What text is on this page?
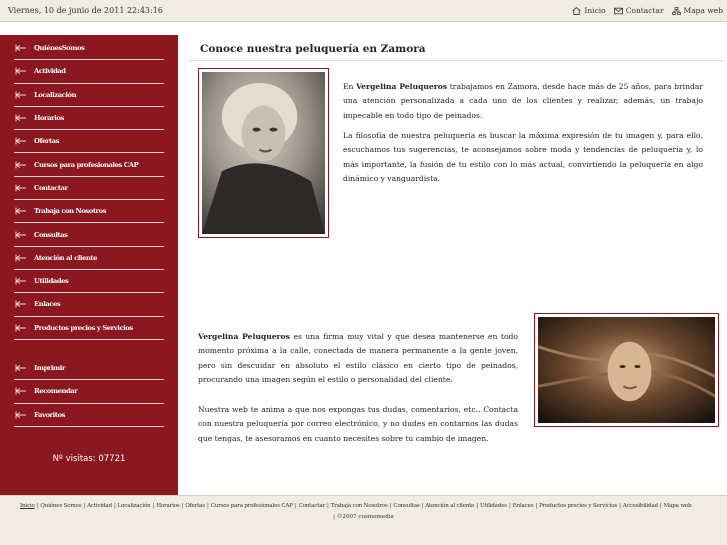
Viernes, 10 de junio de 2011 22:43:16	Inicio	Contactar	Mapa web
QuiénesSomos
Actividad
Localización
Horarios
Ofertas
Cursos para profesionales CAP
Contactar
Trabaja con Nosotros
Consultas
Atención al cliente
Utilidades
Enlaces
Productos precios y Servicios
Imprimir
Recomendar
Favoritos
Nº visitas: 07721
Conoce nuestra peluquería en Zamora
En Vergelina Peluqueros trabajamos en Zamora, desde hace más de 25 años, para brindar una atención personalizada a cada uno de los clientes y realizar, además, un trabajo impecable en todo tipo de peinados.
La filosofía de nuestra peluquería es buscar la máxima expresión de tu imagen y, para ello, escuchamos tus sugerencias, te aconsejamos sobre moda y tendencias de peluquería y, lo más importante, la fusión de tu estilo con lo más actual, convirtiendo la peluquería en algo dinámico y vanguardista.
Vergelina Peluqueros es una firma muy vital y que desea mantenerse en todo momento próxima a la calle, conectada de manera permanente a la gente joven, pero sin descuidar en absoluto el estilo clásico en cierto tipo de peinados, procurando una imagen según el estilo o personalidad del cliente.
Nuestra web te anima a que nos expongas tus dudas, comentarios, etc.. Contacta con nuestra peluquería por correo electrónico, y no dudes en contarnos las dudas que tengas, te asesoramos en cuanto necesites sobre tu cambio de imagen.
Inicio | Quiénes Somos | Actividad | Localización | Horarios | Ofertas | Cursos para profesionales CAP | Contactar | Trabaja con Nosotros | Consultas | Atención al cliente | Utilidades | Enlaces | Productos precios y Servicios | Accesibilidad | Mapa web
| ©2007 cosmomedia
